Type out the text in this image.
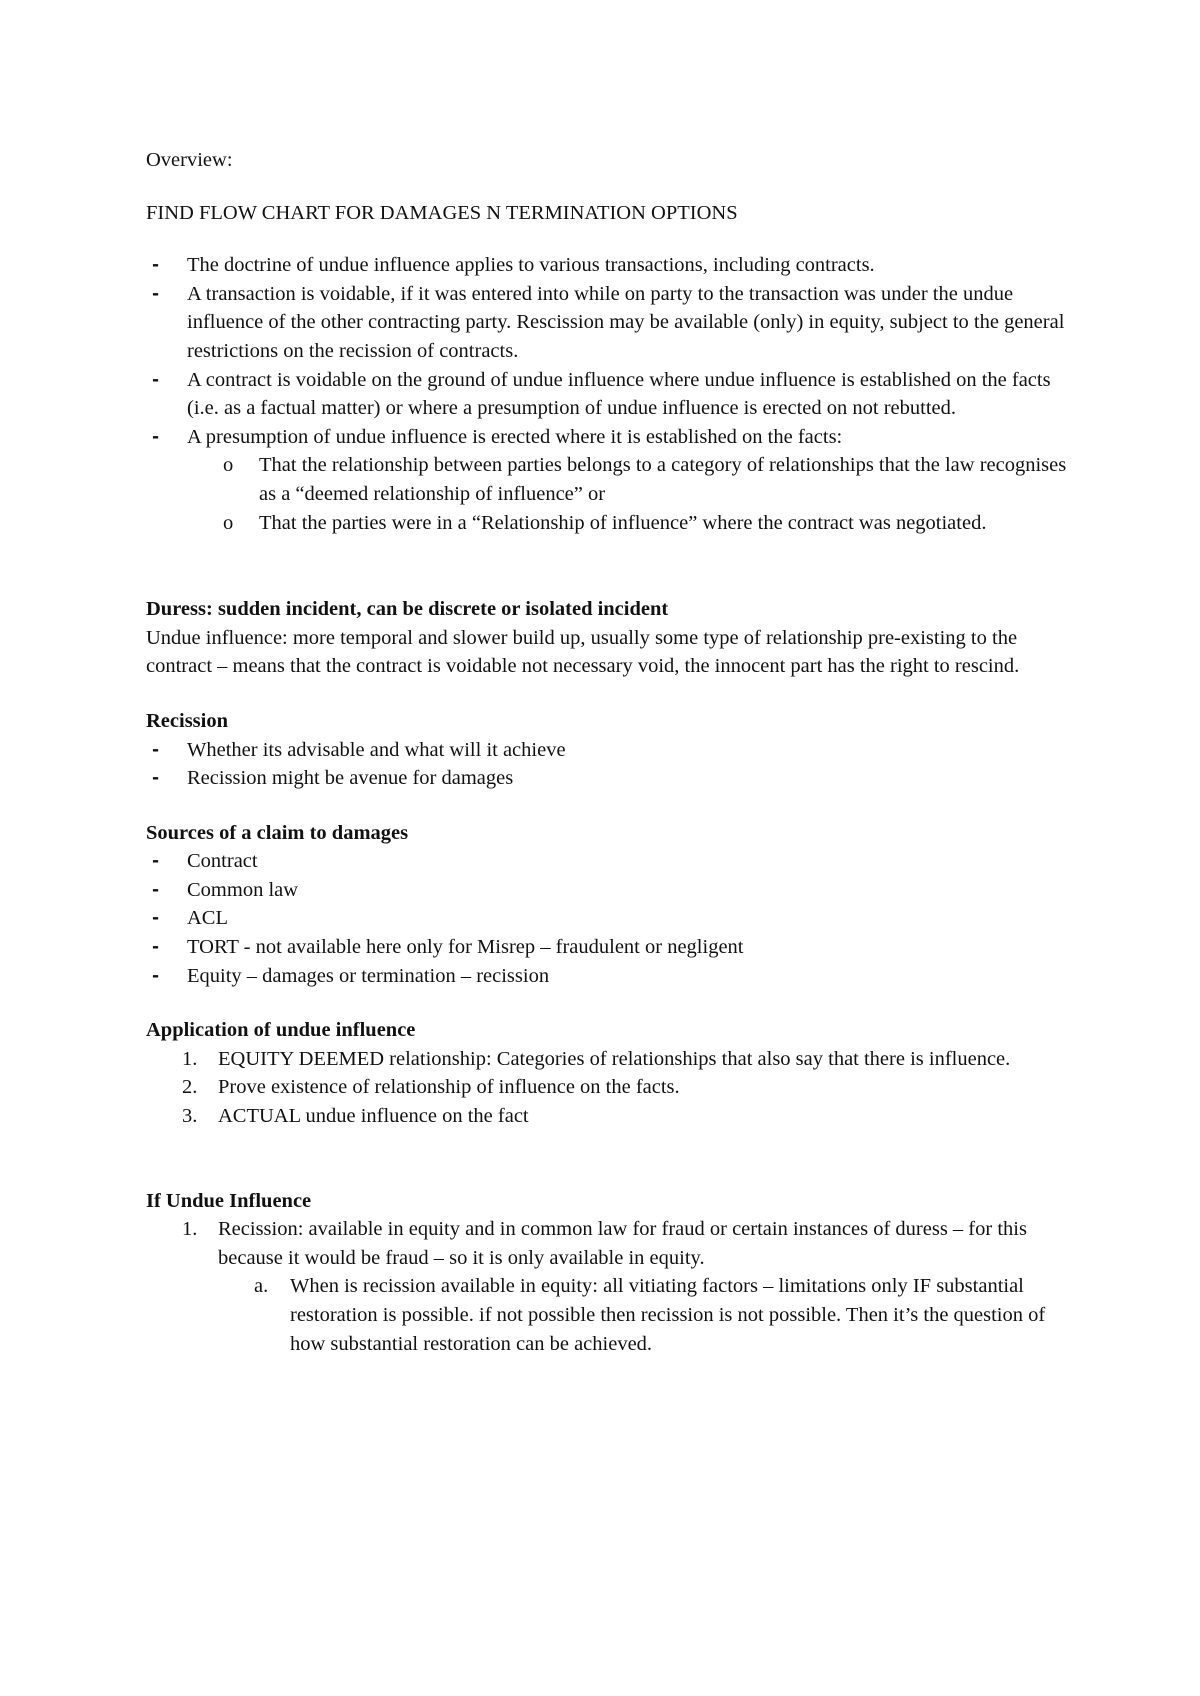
Overview:

FIND FLOW CHART FOR DAMAGES N TERMINATION OPTIONS

- The doctrine of undue influence applies to various transactions, including contracts.
- A transaction is voidable, if it was entered into while on party to the transaction was under the undue influence of the other contracting party. Rescission may be available (only) in equity, subject to the general restrictions on the recission of contracts.
- A contract is voidable on the ground of undue influence where undue influence is established on the facts (i.e. as a factual matter) or where a presumption of undue influence is erected on not rebutted.
- A presumption of undue influence is erected where it is established on the facts:
o That the relationship between parties belongs to a category of relationships that the law recognises as a “deemed relationship of influence” or
o That the parties were in a “Relationship of influence” where the contract was negotiated.

Duress: sudden incident, can be discrete or isolated incident

Undue influence: more temporal and slower build up, usually some type of relationship pre-existing to the contract – means that the contract is voidable not necessary void, the innocent part has the right to rescind.

Recission

- Whether its advisable and what will it achieve
- Recission might be avenue for damages

Sources of a claim to damages

- Contract
- Common law
- ACL
- TORT - not available here only for Misrep – fraudulent or negligent
- Equity – damages or termination – recission

Application of undue influence

1. EQUITY DEEMED relationship: Categories of relationships that also say that there is influence.
2. Prove existence of relationship of influence on the facts.
3. ACTUAL undue influence on the fact

If Undue Influence

1. Recission: available in equity and in common law for fraud or certain instances of duress – for this because it would be fraud – so it is only available in equity.
a. When is recission available in equity: all vitiating factors – limitations only IF substantial restoration is possible. if not possible then recission is not possible. Then it’s the question of how substantial restoration can be achieved.
